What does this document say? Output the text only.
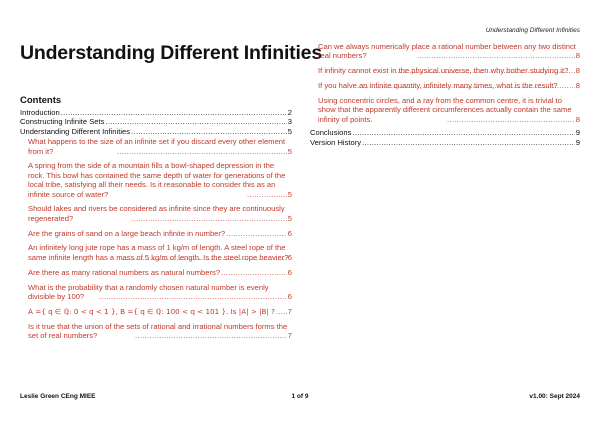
Understanding Different Infinities
Understanding Different Infinities
Contents
Introduction .....	2
Constructing Infinite Sets .....	3
Understanding Different Infinities .....	5
What happens to the size of an infinite set if you discard every other element from it? .....	5
A spring from the side of a mountain fills a bowl-shaped depression in the rock. This bowl has contained the same depth of water for generations of the local tribe, satisfying all their needs. Is it reasonable to consider this as an infinite source of water? .....	5
Should lakes and rivers be considered as infinite since they are continuously regenerated? .....	5
Are the grains of sand on a large beach infinite in number? .....	6
An infinitely long jute rope has a mass of 1 kg/m of length. A steel rope of the same infinite length has a mass of 5 kg/m of length. Is the steel rope heavier? ..... 6
Are there as many rational numbers as natural numbers? .....	6
What is the probability that a randomly chosen natural number is evenly divisible by 100? .....	6
A ={ q ∈ ℚ: 0 < q < 1 }, B ={ q ∈ ℚ: 100 < q < 101 }. Is |A| > |B| ? ..... 7
Is it true that the union of the sets of rational and irrational numbers forms the set of real numbers? .....	7
Can we always numerically place a rational number between any two distinct real numbers? .....	8
If infinity cannot exist in the physical universe, then why bother studying it? ..... 8
If you halve an infinite quantity, infinitely many times, what is the result? ..... 8
Using concentric circles, and a ray from the common centre, it is trivial to show that the apparently different circumferences actually contain the same infinity of points. .....	8
Conclusions .....	9
Version History .....	9
Leslie Green CEng MIEE	1 of 9	v1.00: Sept 2024
